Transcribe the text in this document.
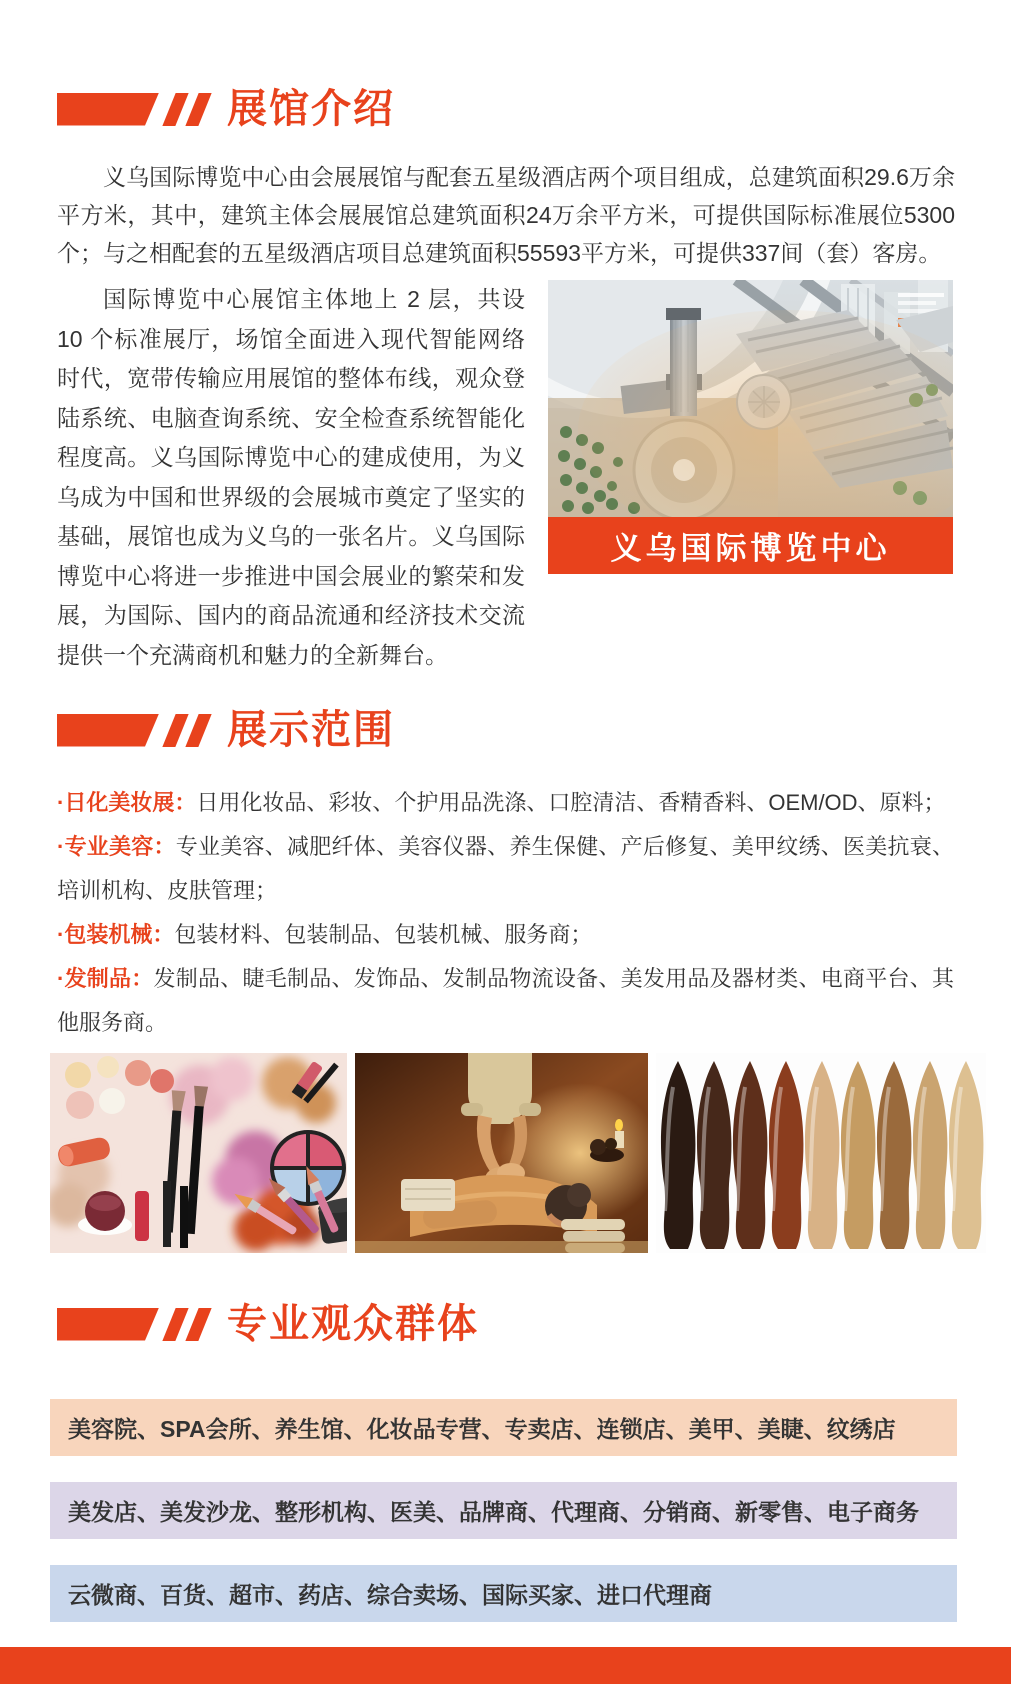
展馆介绍

义乌国际博览中心由会展展馆与配套五星级酒店两个项目组成，总建筑面积29.6万余平方米，其中，建筑主体会展展馆总建筑面积24万余平方米，可提供国际标准展位5300个；与之相配套的五星级酒店项目总建筑面积55593平方米，可提供337间（套）客房。

国际博览中心展馆主体地上 2 层，共设 10 个标准展厅，场馆全面进入现代智能网络时代，宽带传输应用展馆的整体布线，观众登陆系统、电脑查询系统、安全检查系统智能化程度高。义乌国际博览中心的建成使用，为义乌成为中国和世界级的会展城市奠定了坚实的基础，展馆也成为义乌的一张名片。义乌国际博览中心将进一步推进中国会展业的繁荣和发展，为国际、国内的商品流通和经济技术交流提供一个充满商机和魅力的全新舞台。

义乌国际博览中心
展示范围

·日化美妆展：日用化妆品、彩妆、个护用品洗涤、口腔清洁、香精香料、OEM/OD、原料；

·专业美容：专业美容、减肥纤体、美容仪器、养生保健、产后修复、美甲纹绣、医美抗衰、培训机构、皮肤管理；

·包装机械：包装材料、包装制品、包装机械、服务商；

·发制品：发制品、睫毛制品、发饰品、发制品物流设备、美发用品及器材类、电商平台、其他服务商。

专业观众群体
美容院、SPA会所、养生馆、化妆品专营、专卖店、连锁店、美甲、美睫、纹绣店
美发店、美发沙龙、整形机构、医美、品牌商、代理商、分销商、新零售、电子商务
云微商、百货、超市、药店、综合卖场、国际买家、进口代理商
